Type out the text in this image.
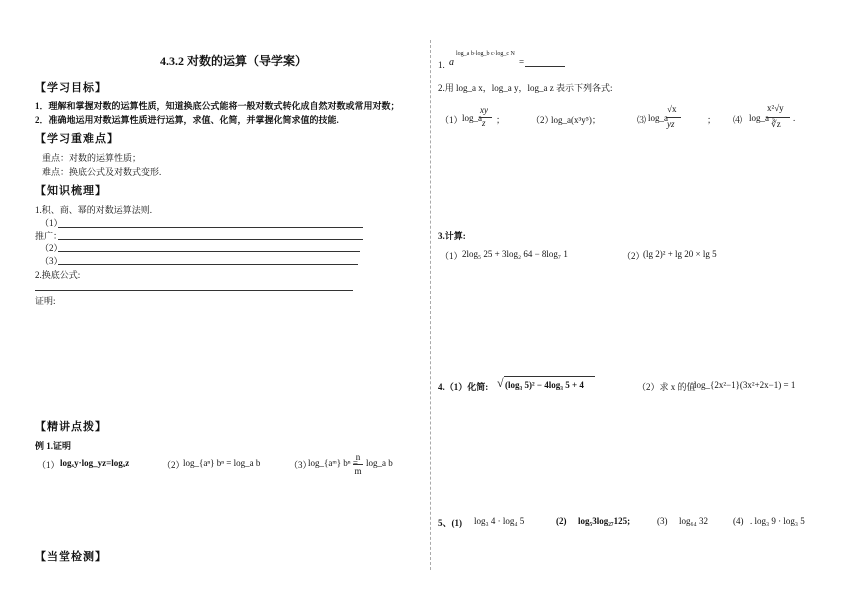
4.3.2 对数的运算（导学案）
【学习目标】
1．理解和掌握对数的运算性质，知道换底公式能将一般对数式转化成自然对数或常用对数；
2．准确地运用对数运算性质进行运算，求值、化简，并掌握化简求值的技能.
【学习重难点】
重点：对数的运算性质；
难点：换底公式及对数式变形.
【知识梳理】
1.积、商、幂的对数运算法则.
（1）
推广：
（2）
（3）
2.换底公式:
证明:
【精讲点拨】
例 1.证明
（1） logₓy·log_yz=logₓz	（2）
log_{aⁿ} bⁿ = log_a b	（3）
log_{aᵐ} bⁿ =
n
m
log_a b
【当堂检测】
1. a
log_a b·log_b c·log_c N
=
2.用 log_a x，log_a y，log_a z 表示下列各式:
（1） log_a
xy
z ；	（2）
log_a(x³y⁵)；	⑶ log_a
√x
yz	； ⑷ log_a
x²√y
∛z
.
3.计算:
（1） 2log₅ 25 + 3log₂ 64 − 8log₇ 1	（2）
(lg 2)² + lg 20 × lg 5
4.（1）化简: √ (log₃ 5)² − 4log₃ 5 + 4	（2）求 x 的值
log_{2x²−1}(3x²+2x−1) = 1
5、(1) log₃ 4 · log₄ 5	(2) log₅3log₂₇125;	(3) log₆₄ 32	(4) . log₃ 9 · log₃ 5
